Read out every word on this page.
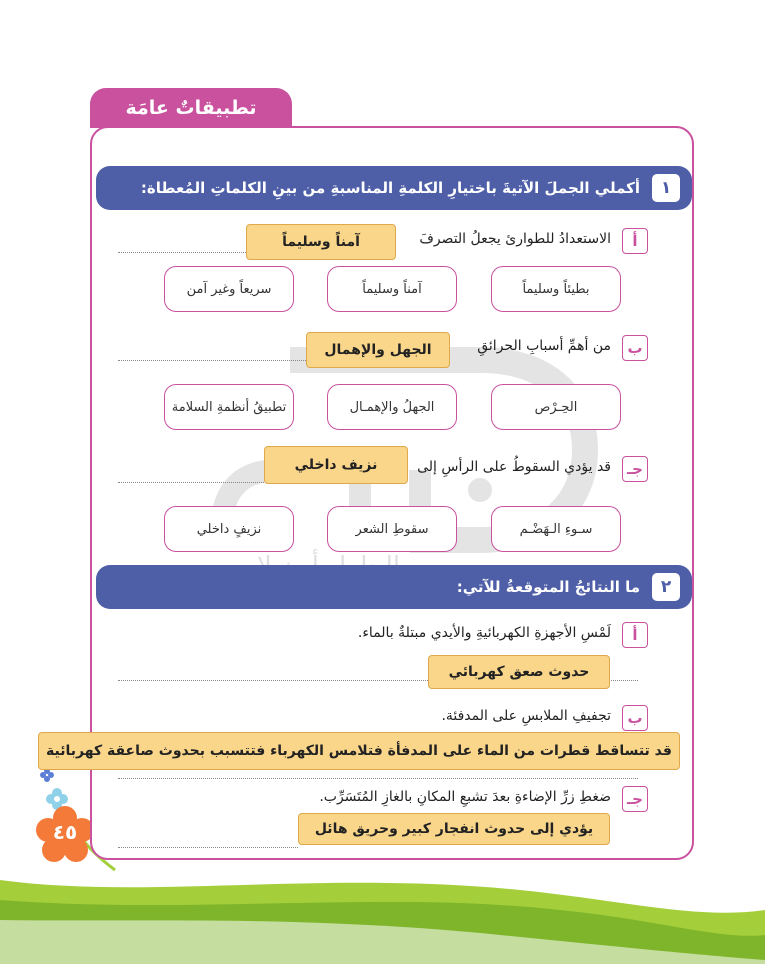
٤٥
تطبيقاتٌ عامَة
١
أكملي الجملَ الآتيةَ باختيارِ الكلمةِ المناسبةِ من بينِ الكلماتِ المُعطاة:
أ
الاستعدادُ للطوارئ يجعلُ التصرفَ
آمناً وسليماً
بطيئاً وسليماً
آمناً وسليماً
سريعاً وغير آمن
ب
من أهمِّ أسبابِ الحرائقِ
الجهل والإهمال
الحِـرْص
الجهلُ والإهمـال
تطبيقُ أنظمةِ السلامة
جـ
قد يؤدي السقوطُ على الرأسِ إلى
نزيف داخلي
سـوءِ الـهَضْـم
سقوطِ الشعر
نزيفٍ داخلي
٢
ما النتائجُ المتوقعةُ للآتي:
أ
لَمْسِ الأجهزةِ الكهربائيةِ والأيدي مبتلةٌ بالماء.
حدوث صعق كهربائي
ب
تجفيفِ الملابسِ على المدفئة.
قد تتساقط قطرات من الماء على المدفأة فتلامس الكهرباء فتتسبب بحدوث صاعقة كهربائية
جـ
ضغطِ زرِّ الإضاءةِ بعدَ تشبعِ المكانِ بالغازِ المُتَسَرِّب.
يؤدي إلى حدوث انفجار كبير وحريق هائل
